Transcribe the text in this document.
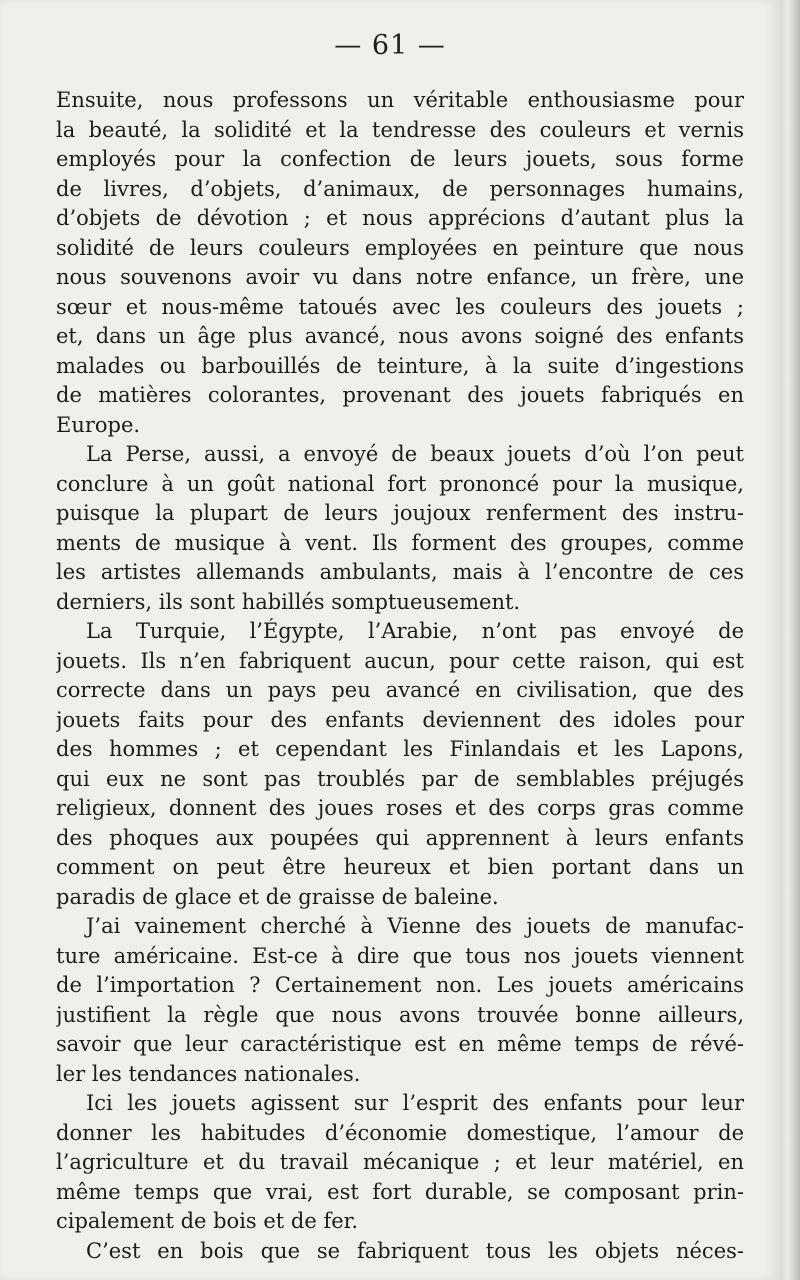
— 61 —
Ensuite, nous professons un véritable enthousiasme pour
la beauté, la solidité et la tendresse des couleurs et vernis
employés pour la confection de leurs jouets, sous forme
de livres, d’objets, d’animaux, de personnages humains,
d’objets de dévotion ; et nous apprécions d’autant plus la
solidité de leurs couleurs employées en peinture que nous
nous souvenons avoir vu dans notre enfance, un frère, une
sœur et nous-même tatoués avec les couleurs des jouets ;
et, dans un âge plus avancé, nous avons soigné des enfants
malades ou barbouillés de teinture, à la suite d’ingestions
de matières colorantes, provenant des jouets fabriqués en
Europe.
La Perse, aussi, a envoyé de beaux jouets d’où l’on peut
conclure à un goût national fort prononcé pour la musique,
puisque la plupart de leurs joujoux renferment des instru-
ments de musique à vent. Ils forment des groupes, comme
les artistes allemands ambulants, mais à l’encontre de ces
derniers, ils sont habillés somptueusement.
La Turquie, l’Égypte, l’Arabie, n’ont pas envoyé de
jouets. Ils n’en fabriquent aucun, pour cette raison, qui est
correcte dans un pays peu avancé en civilisation, que des
jouets faits pour des enfants deviennent des idoles pour
des hommes ; et cependant les Finlandais et les Lapons,
qui eux ne sont pas troublés par de semblables préjugés
religieux, donnent des joues roses et des corps gras comme
des phoques aux poupées qui apprennent à leurs enfants
comment on peut être heureux et bien portant dans un
paradis de glace et de graisse de baleine.
J’ai vainement cherché à Vienne des jouets de manufac-
ture américaine. Est-ce à dire que tous nos jouets viennent
de l’importation ? Certainement non. Les jouets américains
justifient la règle que nous avons trouvée bonne ailleurs,
savoir que leur caractéristique est en même temps de révé-
ler les tendances nationales.
Ici les jouets agissent sur l’esprit des enfants pour leur
donner les habitudes d’économie domestique, l’amour de
l’agriculture et du travail mécanique ; et leur matériel, en
même temps que vrai, est fort durable, se composant prin-
cipalement de bois et de fer.
C’est en bois que se fabriquent tous les objets néces-
